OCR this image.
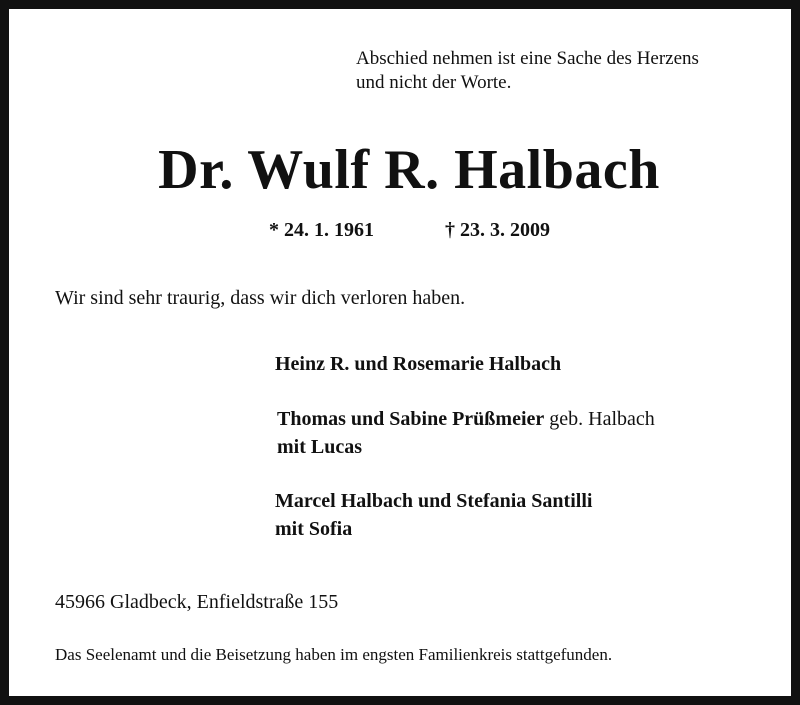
Abschied nehmen ist eine Sache des Herzens
und nicht der Worte.
Dr. Wulf R. Halbach
* 24. 1. 1961	† 23. 3. 2009
Wir sind sehr traurig, dass wir dich verloren haben.
Heinz R. und Rosemarie Halbach
Thomas und Sabine Prüßmeier geb. Halbach
mit Lucas
Marcel Halbach und Stefania Santilli
mit Sofia
45966 Gladbeck, Enfieldstraße 155
Das Seelenamt und die Beisetzung haben im engsten Familienkreis stattgefunden.
